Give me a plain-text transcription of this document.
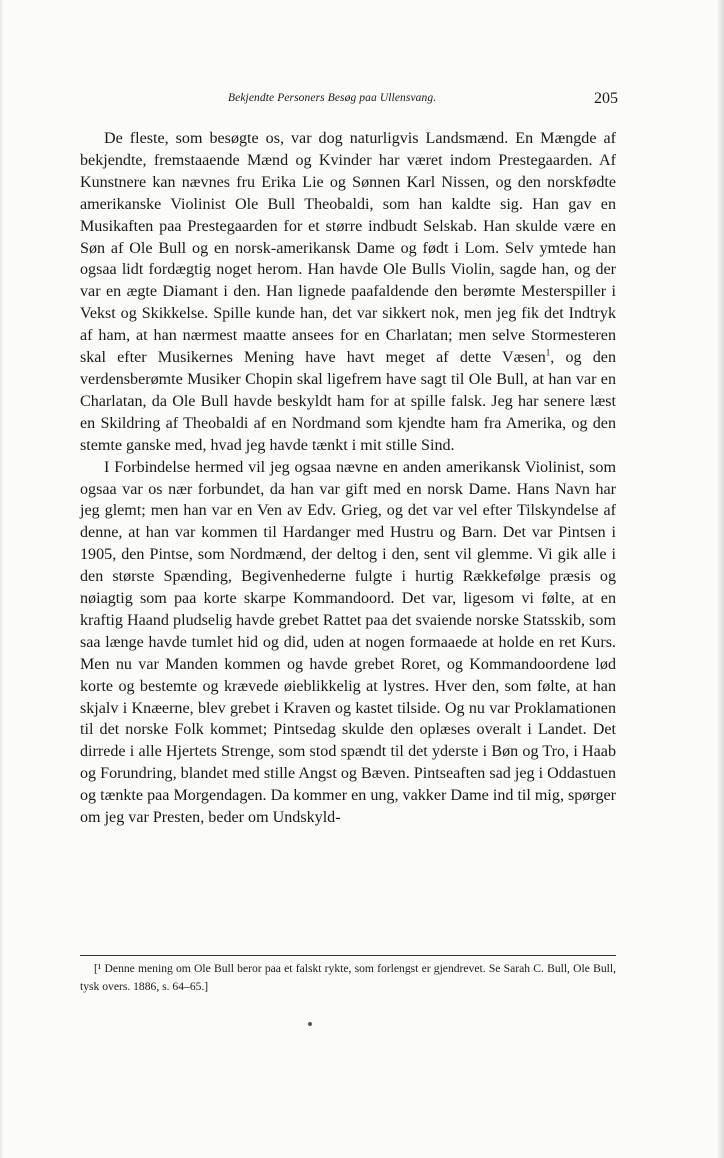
Bekjendte Personers Besøg paa Ullensvang.	205

De fleste, som besøgte os, var dog naturligvis Landsmænd. En Mængde af bekjendte, fremstaaende Mænd og Kvinder har været indom Prestegaarden. Af Kunstnere kan nævnes fru Erika Lie og Sønnen Karl Nissen, og den norskfødte amerikanske Violinist Ole Bull Theobaldi, som han kaldte sig. Han gav en Musikaften paa Prestegaarden for et større indbudt Selskab. Han skulde være en Søn af Ole Bull og en norsk-amerikansk Dame og født i Lom. Selv ymtede han ogsaa lidt fordægtig noget herom. Han havde Ole Bulls Violin, sagde han, og der var en ægte Diamant i den. Han lignede paafaldende den berømte Mesterspiller i Vekst og Skikkelse. Spille kunde han, det var sikkert nok, men jeg fik det Indtryk af ham, at han nærmest maatte ansees for en Charlatan; men selve Stormesteren skal efter Musikernes Mening have havt meget af dette Væsen$^1$, og den verdensberømte Musiker Chopin skal ligefrem have sagt til Ole Bull, at han var en Charlatan, da Ole Bull havde beskyldt ham for at spille falsk. Jeg har senere læst en Skildring af Theobaldi af en Nordmand som kjendte ham fra Amerika, og den stemte ganske med, hvad jeg havde tænkt i mit stille Sind.

I Forbindelse hermed vil jeg ogsaa nævne en anden amerikansk Violinist, som ogsaa var os nær forbundet, da han var gift med en norsk Dame. Hans Navn har jeg glemt; men han var en Ven av Edv. Grieg, og det var vel efter Tilskyndelse af denne, at han var kommen til Hardanger med Hustru og Barn. Det var Pintsen i 1905, den Pintse, som Nordmænd, der deltog i den, sent vil glemme. Vi gik alle i den største Spænding, Begivenhederne fulgte i hurtig Rækkefølge præsis og nøiagtig som paa korte skarpe Kommandoord. Det var, ligesom vi følte, at en kraftig Haand pludselig havde grebet Rattet paa det svaiende norske Statsskib, som saa længe havde tumlet hid og did, uden at nogen formaaede at holde en ret Kurs. Men nu var Manden kommen og havde grebet Roret, og Kommandoordene lød korte og bestemte og krævede øieblikkelig at lystres. Hver den, som følte, at han skjalv i Knæerne, blev grebet i Kraven og kastet tilside. Og nu var Proklamationen til det norske Folk kommet; Pintsedag skulde den oplæses overalt i Landet. Det dirrede i alle Hjertets Strenge, som stod spændt til det yderste i Bøn og Tro, i Haab og Forundring, blandet med stille Angst og Bæven. Pintseaften sad jeg i Oddastuen og tænkte paa Morgendagen. Da kommer en ung, vakker Dame ind til mig, spørger om jeg var Presten, beder om Undskyld-

[¹ Denne mening om Ole Bull beror paa et falskt rykte, som forlengst er gjendrevet. Se Sarah C. Bull, Ole Bull, tysk overs. 1886, s. 64–65.]
